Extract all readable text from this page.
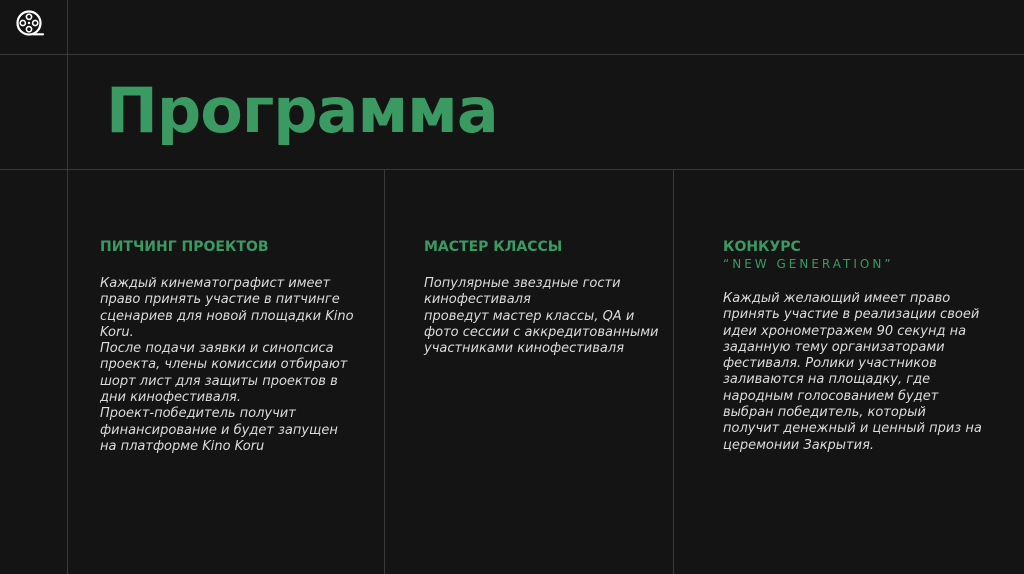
Программа

ПИТЧИНГ ПРОЕКТОВ

Каждый кинематографист имеет
право принять участие в питчинге
сценариев для новой площадки Kino
Koru.
После подачи заявки и синопсиса
проекта, члены комиссии отбирают
шорт лист для защиты проектов в
дни кинофестиваля.
Проект-победитель получит
финансирование и будет запущен
на платформе Kino Koru

МАСТЕР КЛАССЫ

Популярные звездные гости
кинофестиваля
проведут мастер классы, QA и
фото сессии с аккредитованными
участниками кинофестиваля

КОНКУРС

“NEW GENERATION”

Каждый желающий имеет право
принять участие в реализации своей
идеи хронометражем 90 секунд на
заданную тему организаторами
фестиваля. Ролики участников
заливаются на площадку, где
народным голосованием будет
выбран победитель, который
получит денежный и ценный приз на
церемонии Закрытия.
